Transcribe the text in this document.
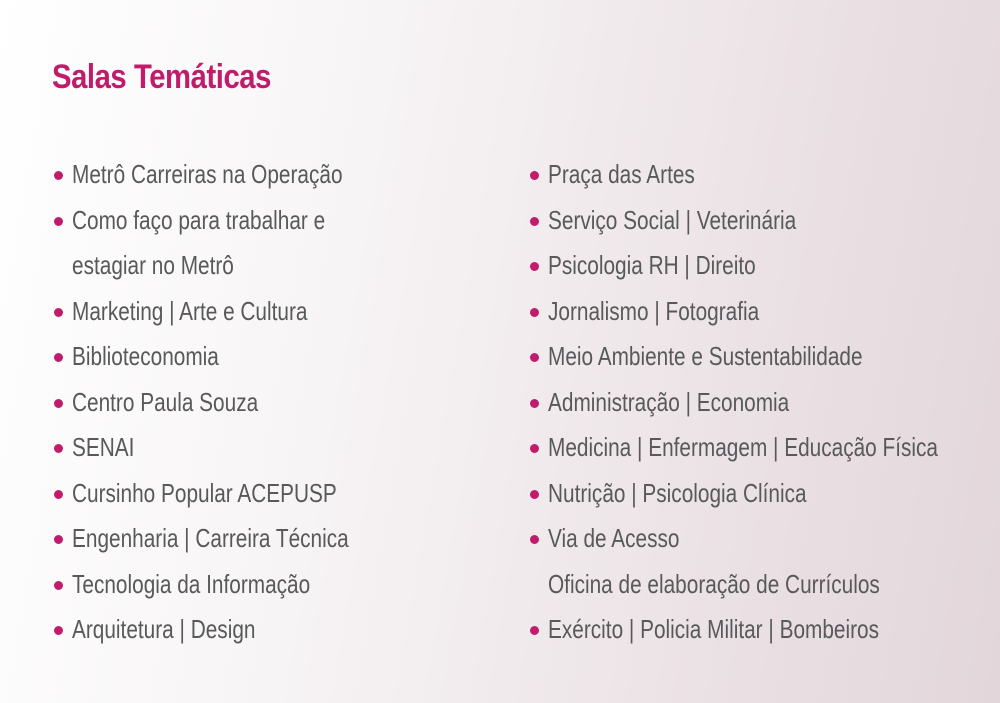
Salas Temáticas
Metrô Carreiras na Operação
Como faço para trabalhar e
estagiar no Metrô
Marketing | Arte e Cultura
Biblioteconomia
Centro Paula Souza
SENAI
Cursinho Popular ACEPUSP
Engenharia | Carreira Técnica
Tecnologia da Informação
Arquitetura | Design
Praça das Artes
Serviço Social | Veterinária
Psicologia RH | Direito
Jornalismo | Fotografia
Meio Ambiente e Sustentabilidade
Administração | Economia
Medicina | Enfermagem | Educação Física
Nutrição | Psicologia Clínica
Via de Acesso
Oficina de elaboração de Currículos
Exército | Policia Militar | Bombeiros
